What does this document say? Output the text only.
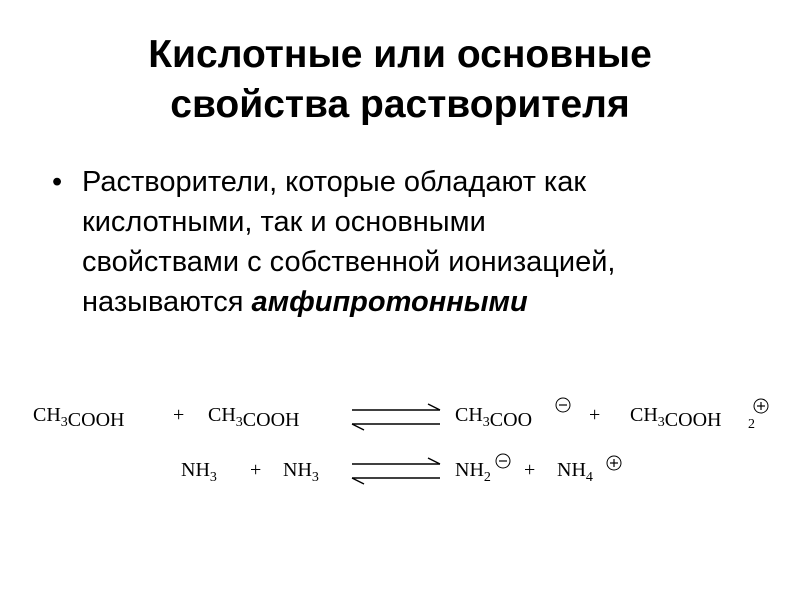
Кислотные или основные
свойства растворителя
• Растворители, которые обладают как
кислотными, так и основными
свойствами с собственной ионизацией,
называются амфипротонными
$CH_3COOH$ + $CH_3COOH$	$CH_3COO$	+ $CH_3COOH$ 2
$NH_3 + NH_3$	$NH_2 + NH_4$
